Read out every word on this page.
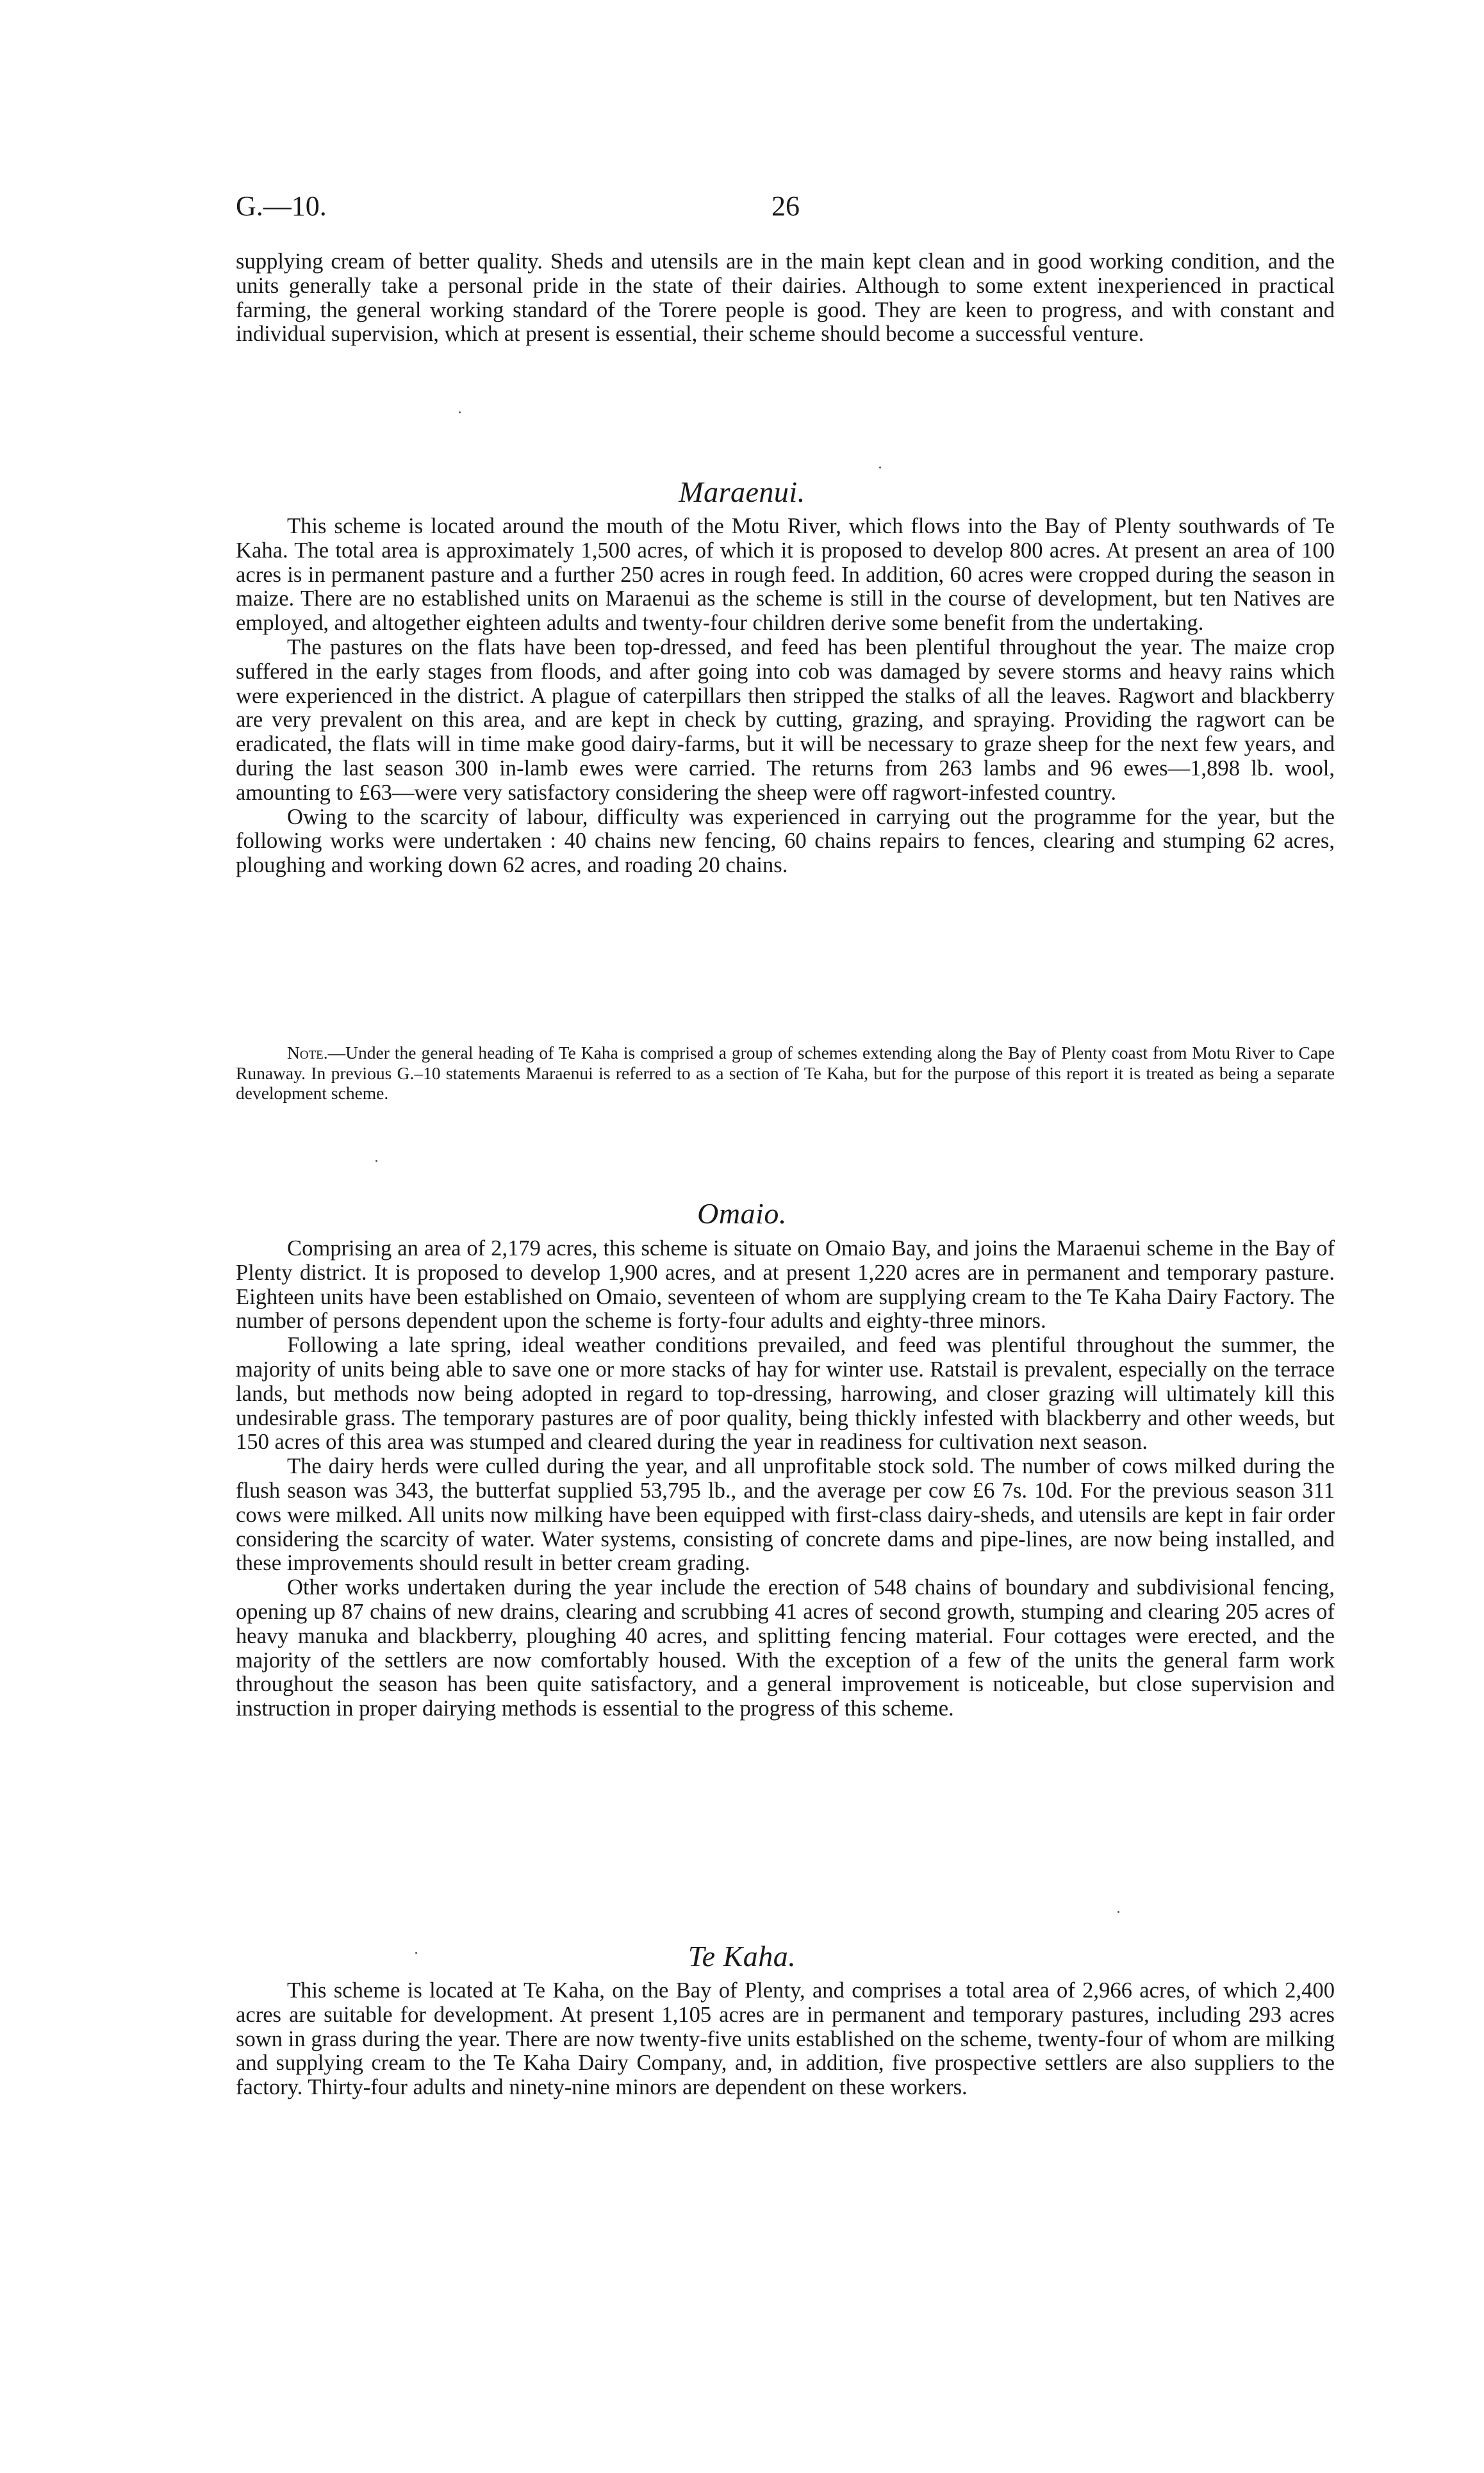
G.—10.	26

supplying cream of better quality. Sheds and utensils are in the main kept clean and in good working condition, and the units generally take a personal pride in the state of their dairies. Although to some extent inexperienced in practical farming, the general working standard of the Torere people is good. They are keen to progress, and with constant and individual supervision, which at present is essential, their scheme should become a successful venture.

Maraenui.

This scheme is located around the mouth of the Motu River, which flows into the Bay of Plenty southwards of Te Kaha. The total area is approximately 1,500 acres, of which it is proposed to develop 800 acres. At present an area of 100 acres is in permanent pasture and a further 250 acres in rough feed. In addition, 60 acres were cropped during the season in maize. There are no established units on Maraenui as the scheme is still in the course of development, but ten Natives are employed, and altogether eighteen adults and twenty-four children derive some benefit from the undertaking.

The pastures on the flats have been top-dressed, and feed has been plentiful throughout the year. The maize crop suffered in the early stages from floods, and after going into cob was damaged by severe storms and heavy rains which were experienced in the district. A plague of caterpillars then stripped the stalks of all the leaves. Ragwort and blackberry are very prevalent on this area, and are kept in check by cutting, grazing, and spraying. Providing the ragwort can be eradicated, the flats will in time make good dairy-farms, but it will be necessary to graze sheep for the next few years, and during the last season 300 in-lamb ewes were carried. The returns from 263 lambs and 96 ewes—1,898 lb. wool, amounting to £63—were very satisfactory considering the sheep were off ragwort-infested country.

Owing to the scarcity of labour, difficulty was experienced in carrying out the programme for the year, but the following works were undertaken : 40 chains new fencing, 60 chains repairs to fences, clearing and stumping 62 acres, ploughing and working down 62 acres, and roading 20 chains.

Note.—Under the general heading of Te Kaha is comprised a group of schemes extending along the Bay of Plenty coast from Motu River to Cape Runaway. In previous G.–10 statements Maraenui is referred to as a section of Te Kaha, but for the purpose of this report it is treated as being a separate development scheme.
Omaio.

Comprising an area of 2,179 acres, this scheme is situate on Omaio Bay, and joins the Maraenui scheme in the Bay of Plenty district. It is proposed to develop 1,900 acres, and at present 1,220 acres are in permanent and temporary pasture. Eighteen units have been established on Omaio, seventeen of whom are supplying cream to the Te Kaha Dairy Factory. The number of persons dependent upon the scheme is forty-four adults and eighty-three minors.

Following a late spring, ideal weather conditions prevailed, and feed was plentiful throughout the summer, the majority of units being able to save one or more stacks of hay for winter use. Ratstail is prevalent, especially on the terrace lands, but methods now being adopted in regard to top-dressing, harrowing, and closer grazing will ultimately kill this undesirable grass. The temporary pastures are of poor quality, being thickly infested with blackberry and other weeds, but 150 acres of this area was stumped and cleared during the year in readiness for cultivation next season.

The dairy herds were culled during the year, and all unprofitable stock sold. The number of cows milked during the flush season was 343, the butterfat supplied 53,795 lb., and the average per cow £6 7s. 10d. For the previous season 311 cows were milked. All units now milking have been equipped with first-class dairy-sheds, and utensils are kept in fair order considering the scarcity of water. Water systems, consisting of concrete dams and pipe-lines, are now being installed, and these improvements should result in better cream grading.

Other works undertaken during the year include the erection of 548 chains of boundary and subdivisional fencing, opening up 87 chains of new drains, clearing and scrubbing 41 acres of second growth, stumping and clearing 205 acres of heavy manuka and blackberry, ploughing 40 acres, and splitting fencing material. Four cottages were erected, and the majority of the settlers are now comfortably housed. With the exception of a few of the units the general farm work throughout the season has been quite satisfactory, and a general improvement is noticeable, but close supervision and instruction in proper dairying methods is essential to the progress of this scheme.

Te Kaha.

This scheme is located at Te Kaha, on the Bay of Plenty, and comprises a total area of 2,966 acres, of which 2,400 acres are suitable for development. At present 1,105 acres are in permanent and temporary pastures, including 293 acres sown in grass during the year. There are now twenty-five units established on the scheme, twenty-four of whom are milking and supplying cream to the Te Kaha Dairy Company, and, in addition, five prospective settlers are also suppliers to the factory. Thirty-four adults and ninety-nine minors are dependent on these workers.
